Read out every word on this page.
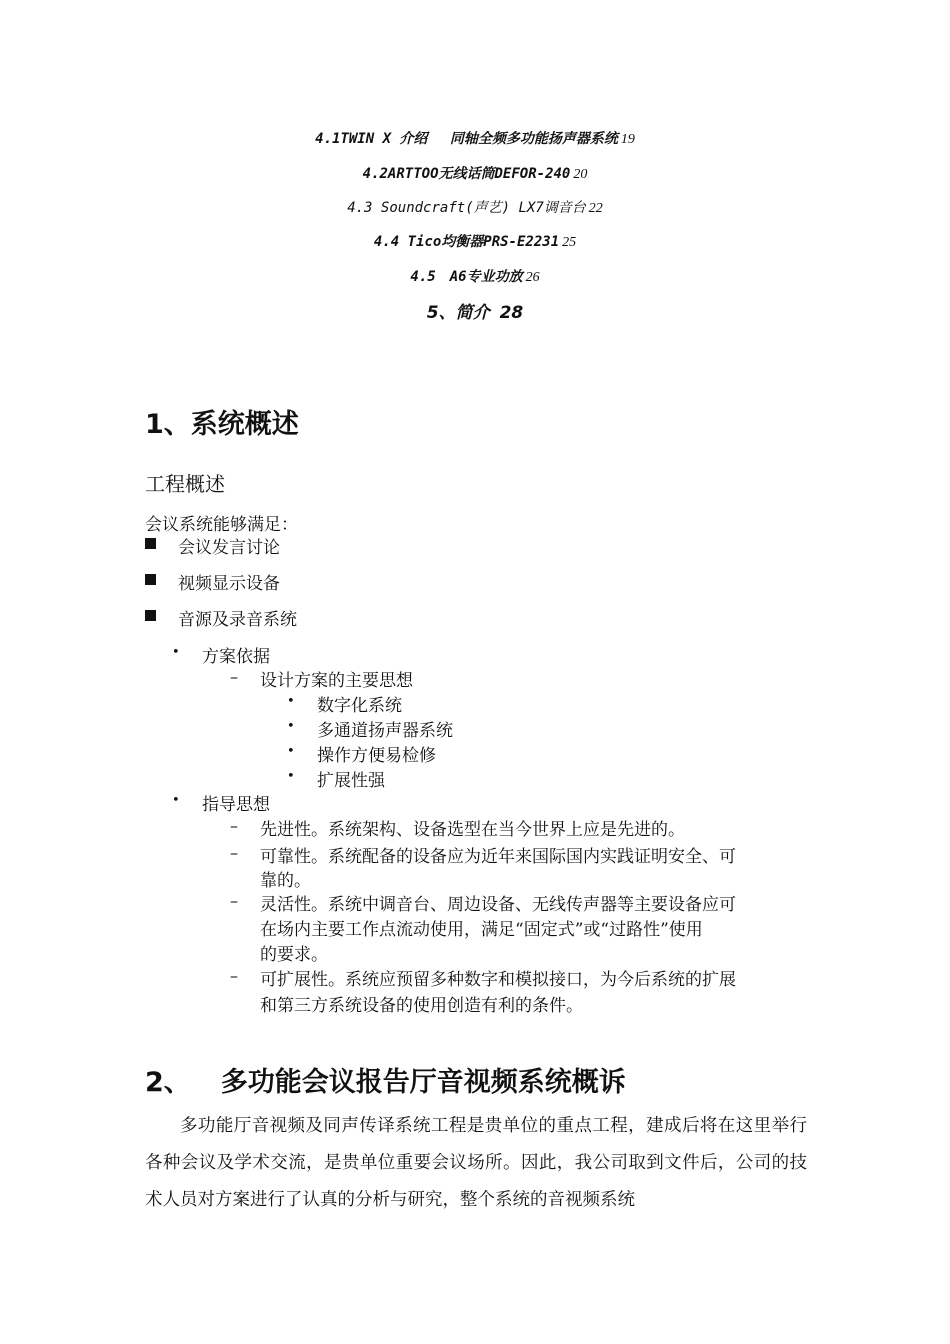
4.1TWIN X 介绍　 同轴全频多功能扬声器系统 19
4.2ARTTOO无线话筒DEFOR-240 20
4.3 Soundcraft(声艺) LX7调音台 22
4.4 Tico均衡器PRS-E2231 25
4.5　A6专业功放 26
5、简介 28
1、系统概述
工程概述
会议系统能够满足：
会议发言讨论
视频显示设备
音源及录音系统
• 方案依据
– 设计方案的主要思想
• 数字化系统
• 多通道扬声器系统
• 操作方便易检修
• 扩展性强
• 指导思想
– 先进性。系统架构、设备选型在当今世界上应是先进的。
– 可靠性。系统配备的设备应为近年来国际国内实践证明安全、可
靠的。
– 灵活性。系统中调音台、周边设备、无线传声器等主要设备应可
在场内主要工作点流动使用，满足“固定式”或“过路性”使用
的要求。
– 可扩展性。系统应预留多种数字和模拟接口，为今后系统的扩展
和第三方系统设备的使用创造有利的条件。
2、 多功能会议报告厅音视频系统概诉
多功能厅音视频及同声传译系统工程是贵单位的重点工程，建成后将在这里举行各种会议及学术交流，是贵单位重要会议场所。因此，我公司取到文件后，公司的技术人员对方案进行了认真的分析与研究，整个系统的音视频系统
